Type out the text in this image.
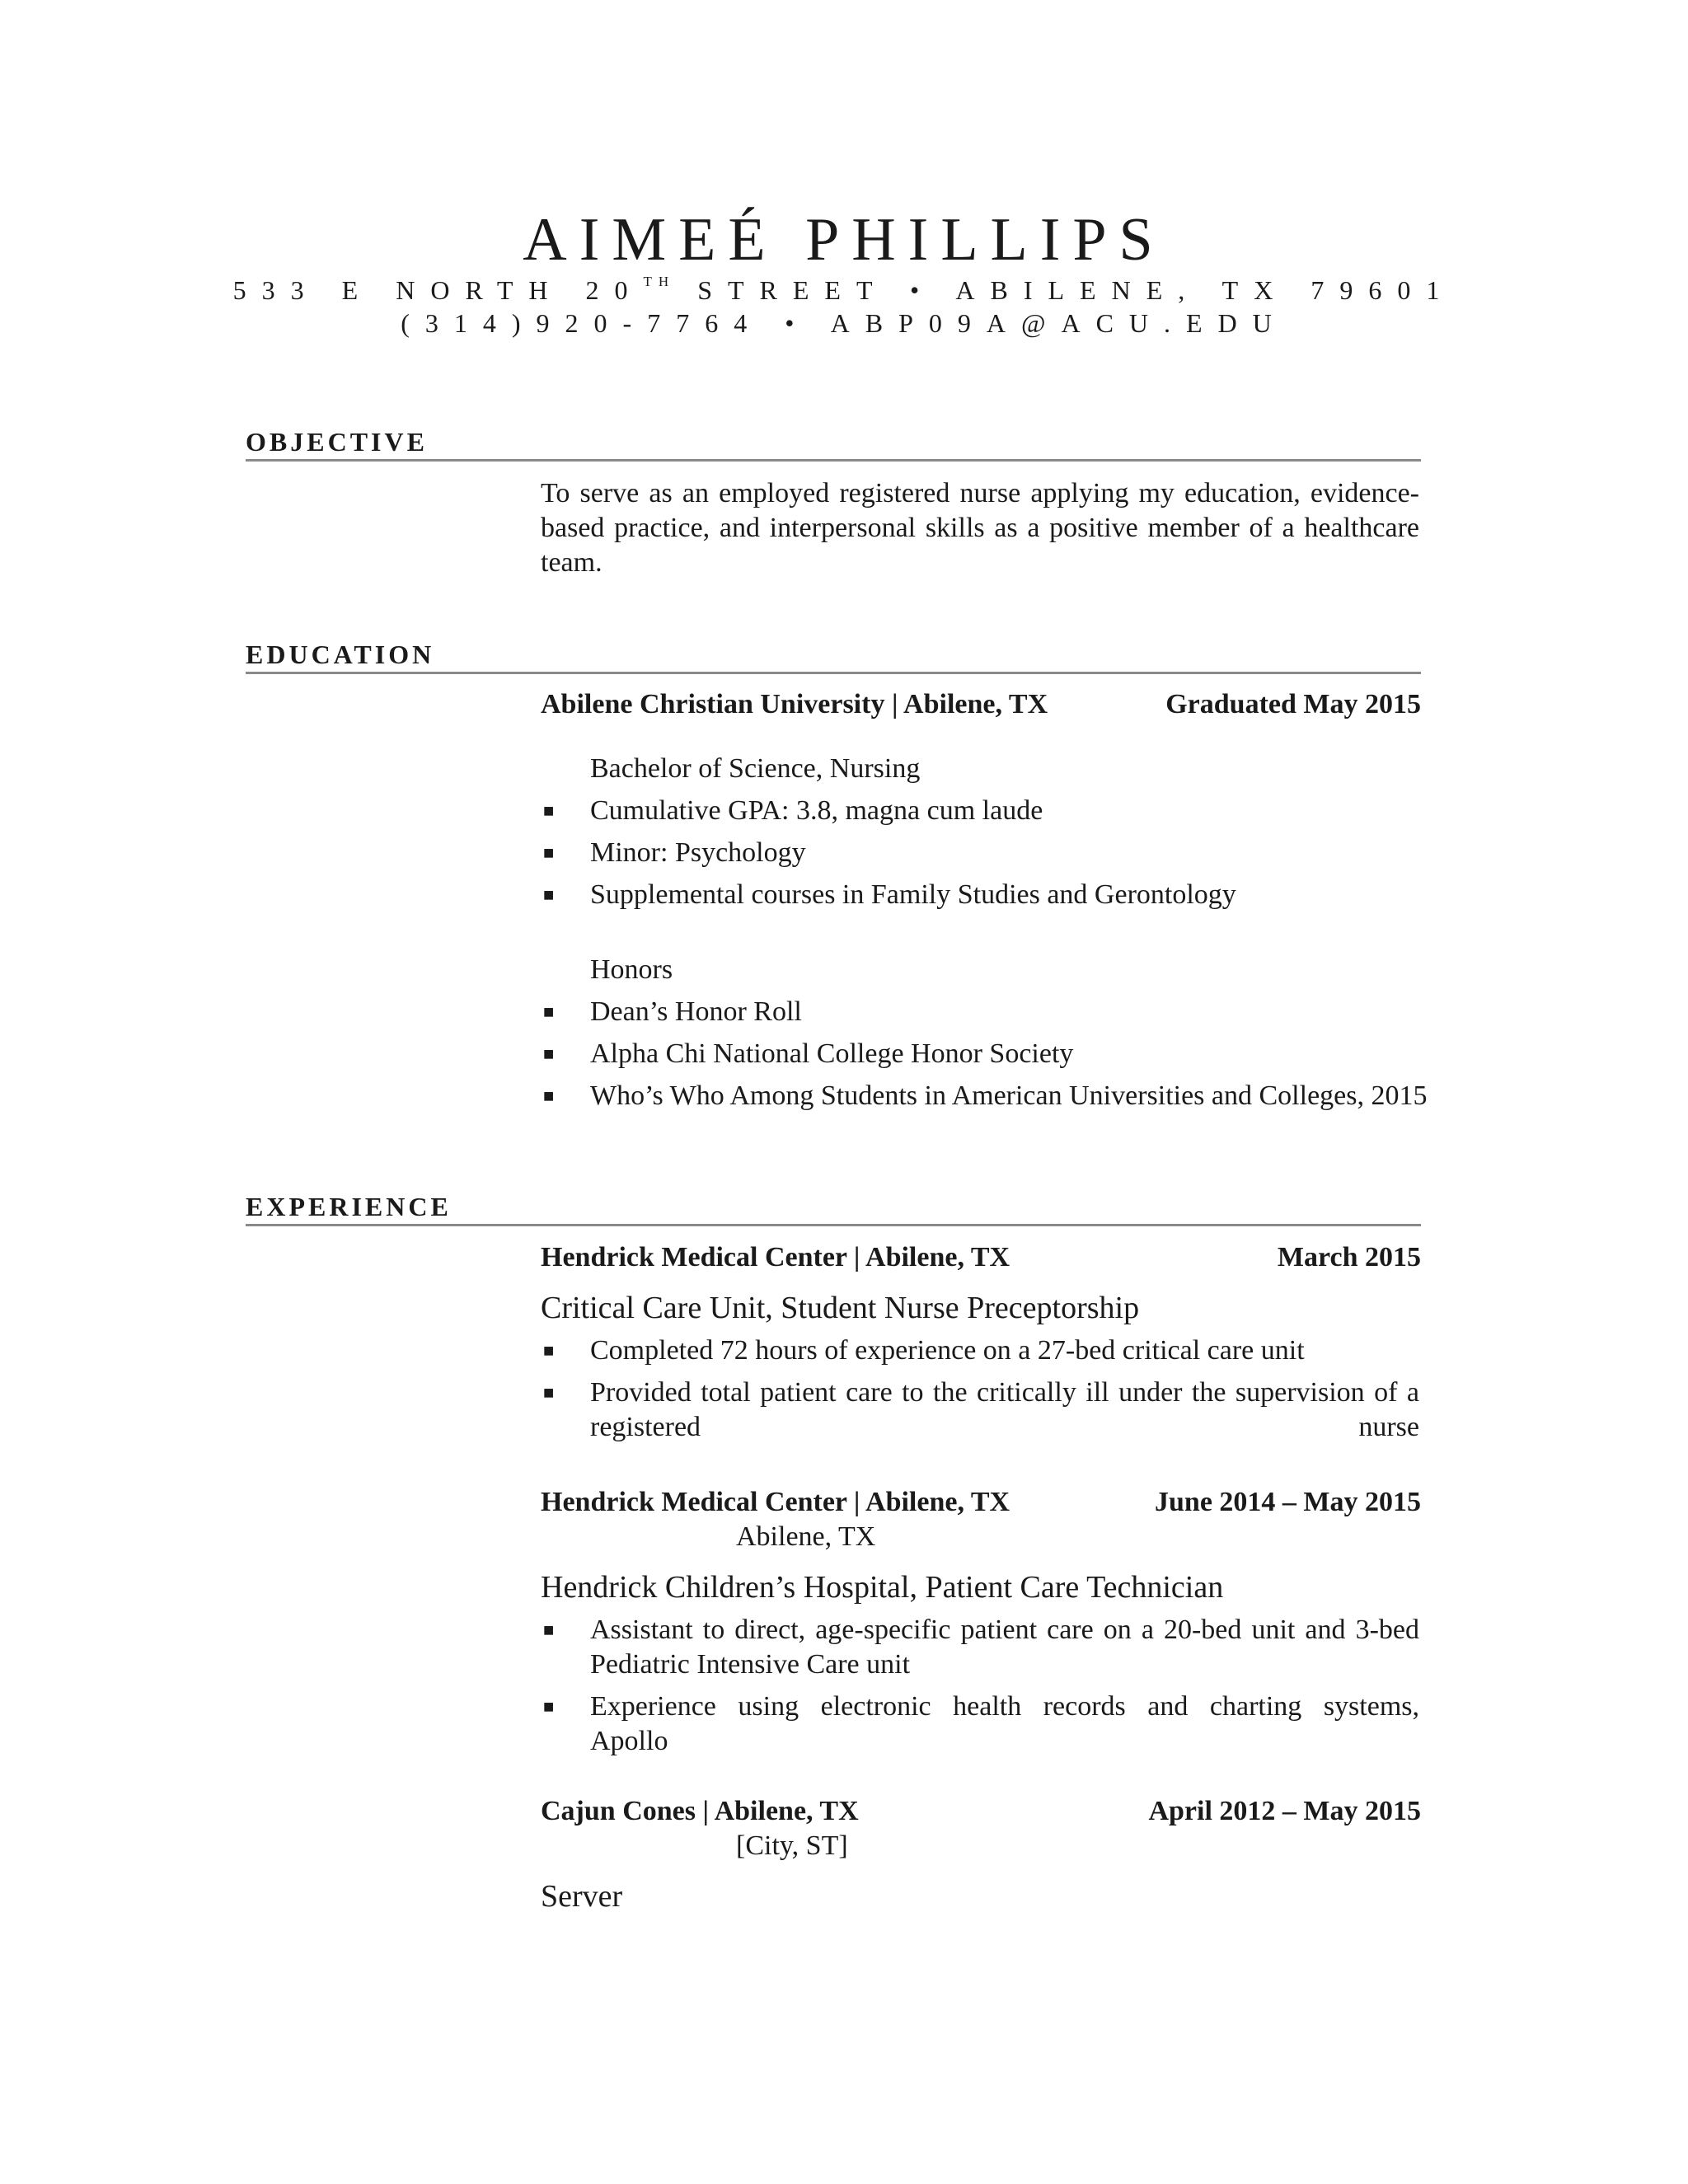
AIMEÉ PHILLIPS
533 E NORTH 20TH STREET • ABILENE, TX 79601
(314)920-7764 • ABP09A@ACU.EDU
OBJECTIVE
To serve as an employed registered nurse applying my education, evidence-
based practice, and interpersonal skills as a positive member of a healthcare
team.
EDUCATION
Abilene Christian University | Abilene, TX	Graduated May 2015
Bachelor of Science, Nursing
■ Cumulative GPA: 3.8, magna cum laude
■ Minor: Psychology
■ Supplemental courses in Family Studies and Gerontology
Honors
■ Dean’s Honor Roll
■ Alpha Chi National College Honor Society
■ Who’s Who Among Students in American Universities and Colleges, 2015
EXPERIENCE
Hendrick Medical Center | Abilene, TX	March 2015
Critical Care Unit, Student Nurse Preceptorship
■ Completed 72 hours of experience on a 27-bed critical care unit
■ Provided total patient care to the critically ill under the supervision of a
registered nurse
Hendrick Medical Center | Abilene, TX	June 2014 – May 2015
Abilene, TX
Hendrick Children’s Hospital, Patient Care Technician
■ Assistant to direct, age-specific patient care on a 20-bed unit and 3-bed
Pediatric Intensive Care unit
■ Experience using electronic health records and charting systems,
Apollo
Cajun Cones | Abilene, TX	April 2012 – May 2015
[City, ST]
Server
